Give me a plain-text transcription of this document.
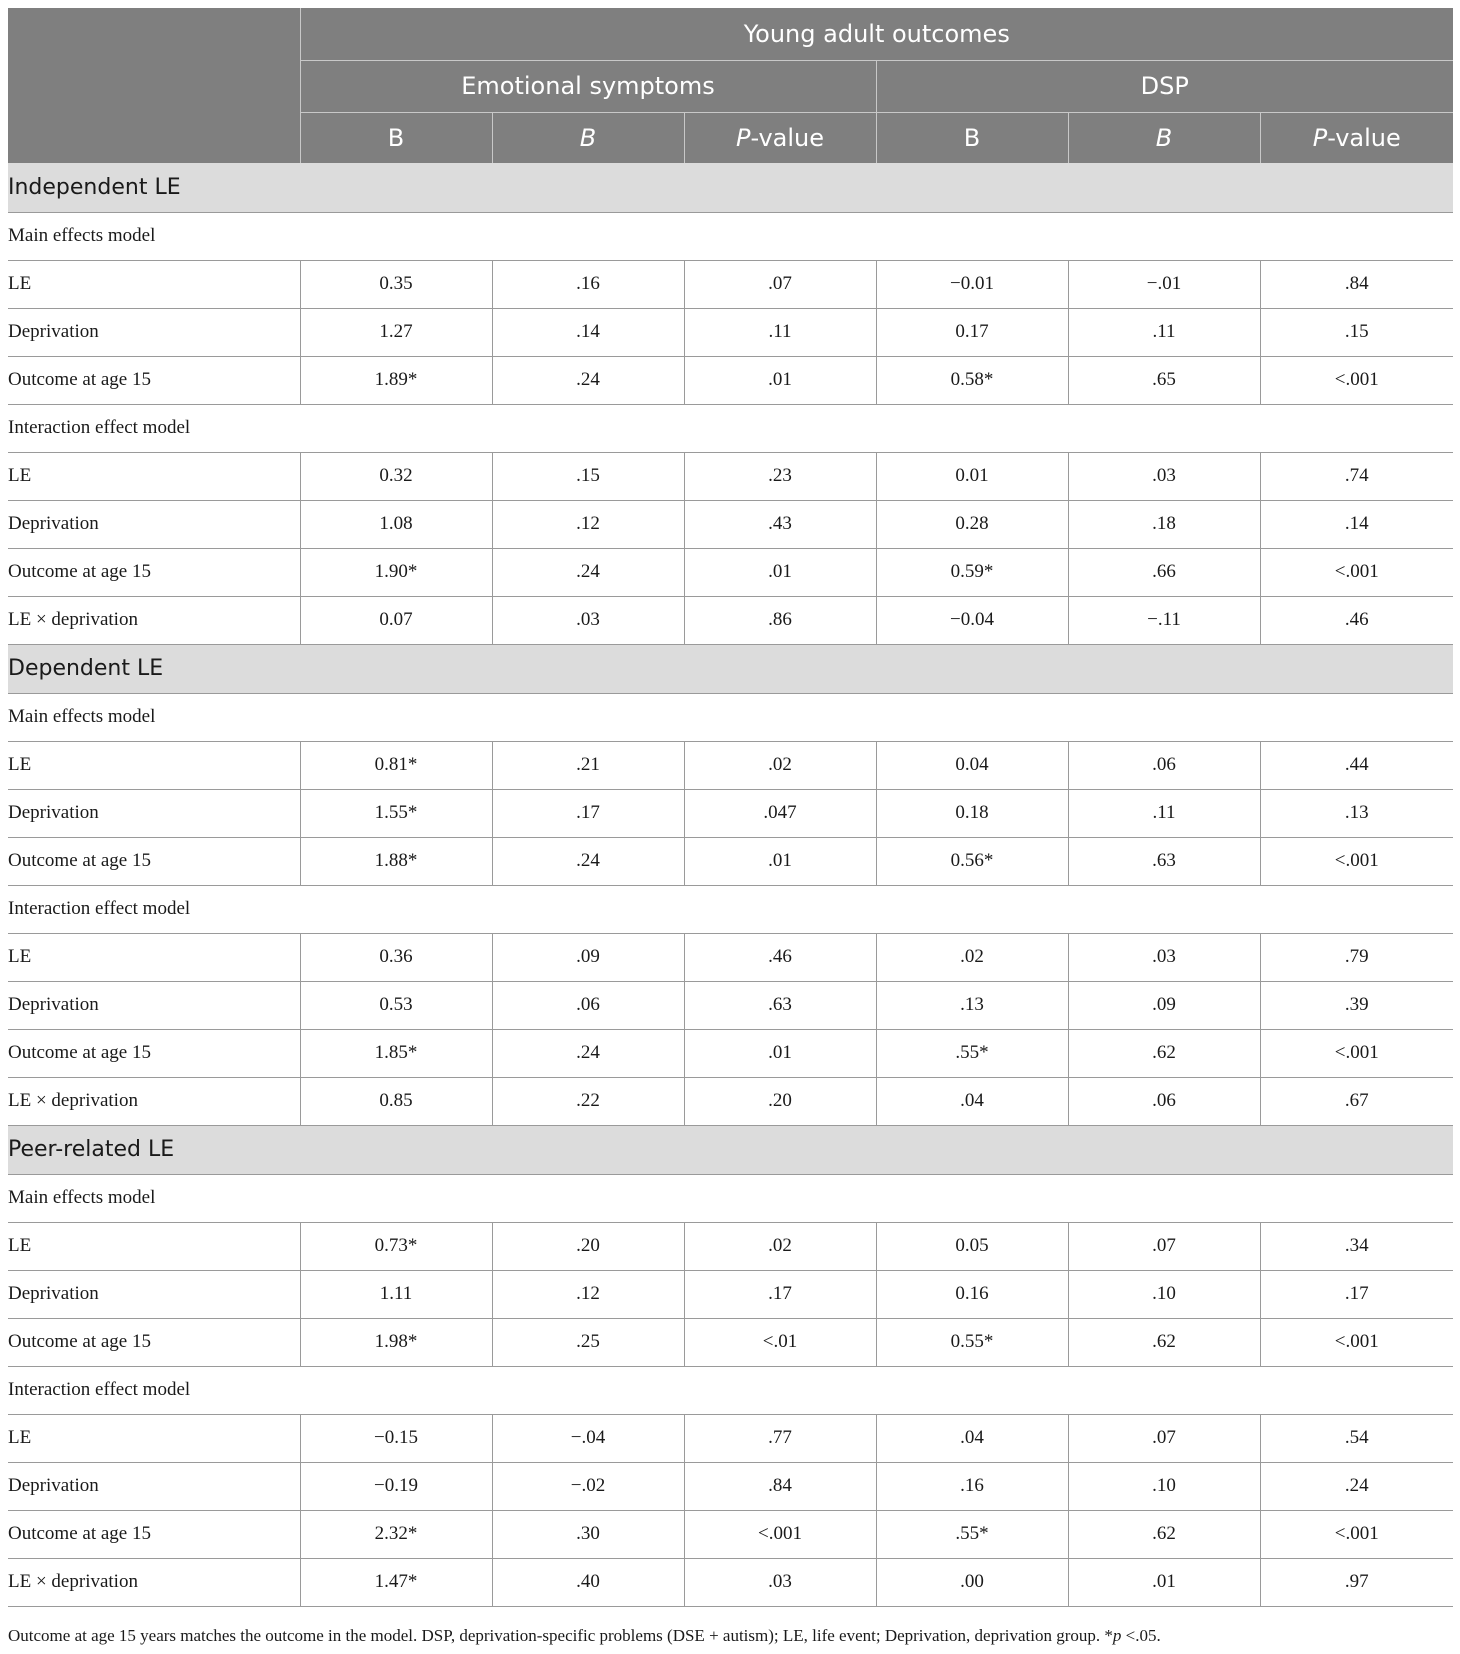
	Young adult outcomes					
	Emotional symptoms			DSP		
	B	B	P-value	B	B	P-value
Independent LE						
Main effects model						
LE	0.35	.16	.07	−0.01	−.01	.84
Deprivation	1.27	.14	.11	0.17	.11	.15
Outcome at age 15	1.89*	.24	.01	0.58*	.65	<.001
Interaction effect model						
LE	0.32	.15	.23	0.01	.03	.74
Deprivation	1.08	.12	.43	0.28	.18	.14
Outcome at age 15	1.90*	.24	.01	0.59*	.66	<.001
LE × deprivation	0.07	.03	.86	−0.04	−.11	.46
Dependent LE						
Main effects model						
LE	0.81*	.21	.02	0.04	.06	.44
Deprivation	1.55*	.17	.047	0.18	.11	.13
Outcome at age 15	1.88*	.24	.01	0.56*	.63	<.001
Interaction effect model						
LE	0.36	.09	.46	.02	.03	.79
Deprivation	0.53	.06	.63	.13	.09	.39
Outcome at age 15	1.85*	.24	.01	.55*	.62	<.001
LE × deprivation	0.85	.22	.20	.04	.06	.67
Peer-related LE						
Main effects model						
LE	0.73*	.20	.02	0.05	.07	.34
Deprivation	1.11	.12	.17	0.16	.10	.17
Outcome at age 15	1.98*	.25	<.01	0.55*	.62	<.001
Interaction effect model						
LE	−0.15	−.04	.77	.04	.07	.54
Deprivation	−0.19	−.02	.84	.16	.10	.24
Outcome at age 15	2.32*	.30	<.001	.55*	.62	<.001
LE × deprivation	1.47*	.40	.03	.00	.01	.97
Outcome at age 15 years matches the outcome in the model. DSP, deprivation-specific problems (DSE + autism); LE, life event; Deprivation, deprivation group. *p <.05.
